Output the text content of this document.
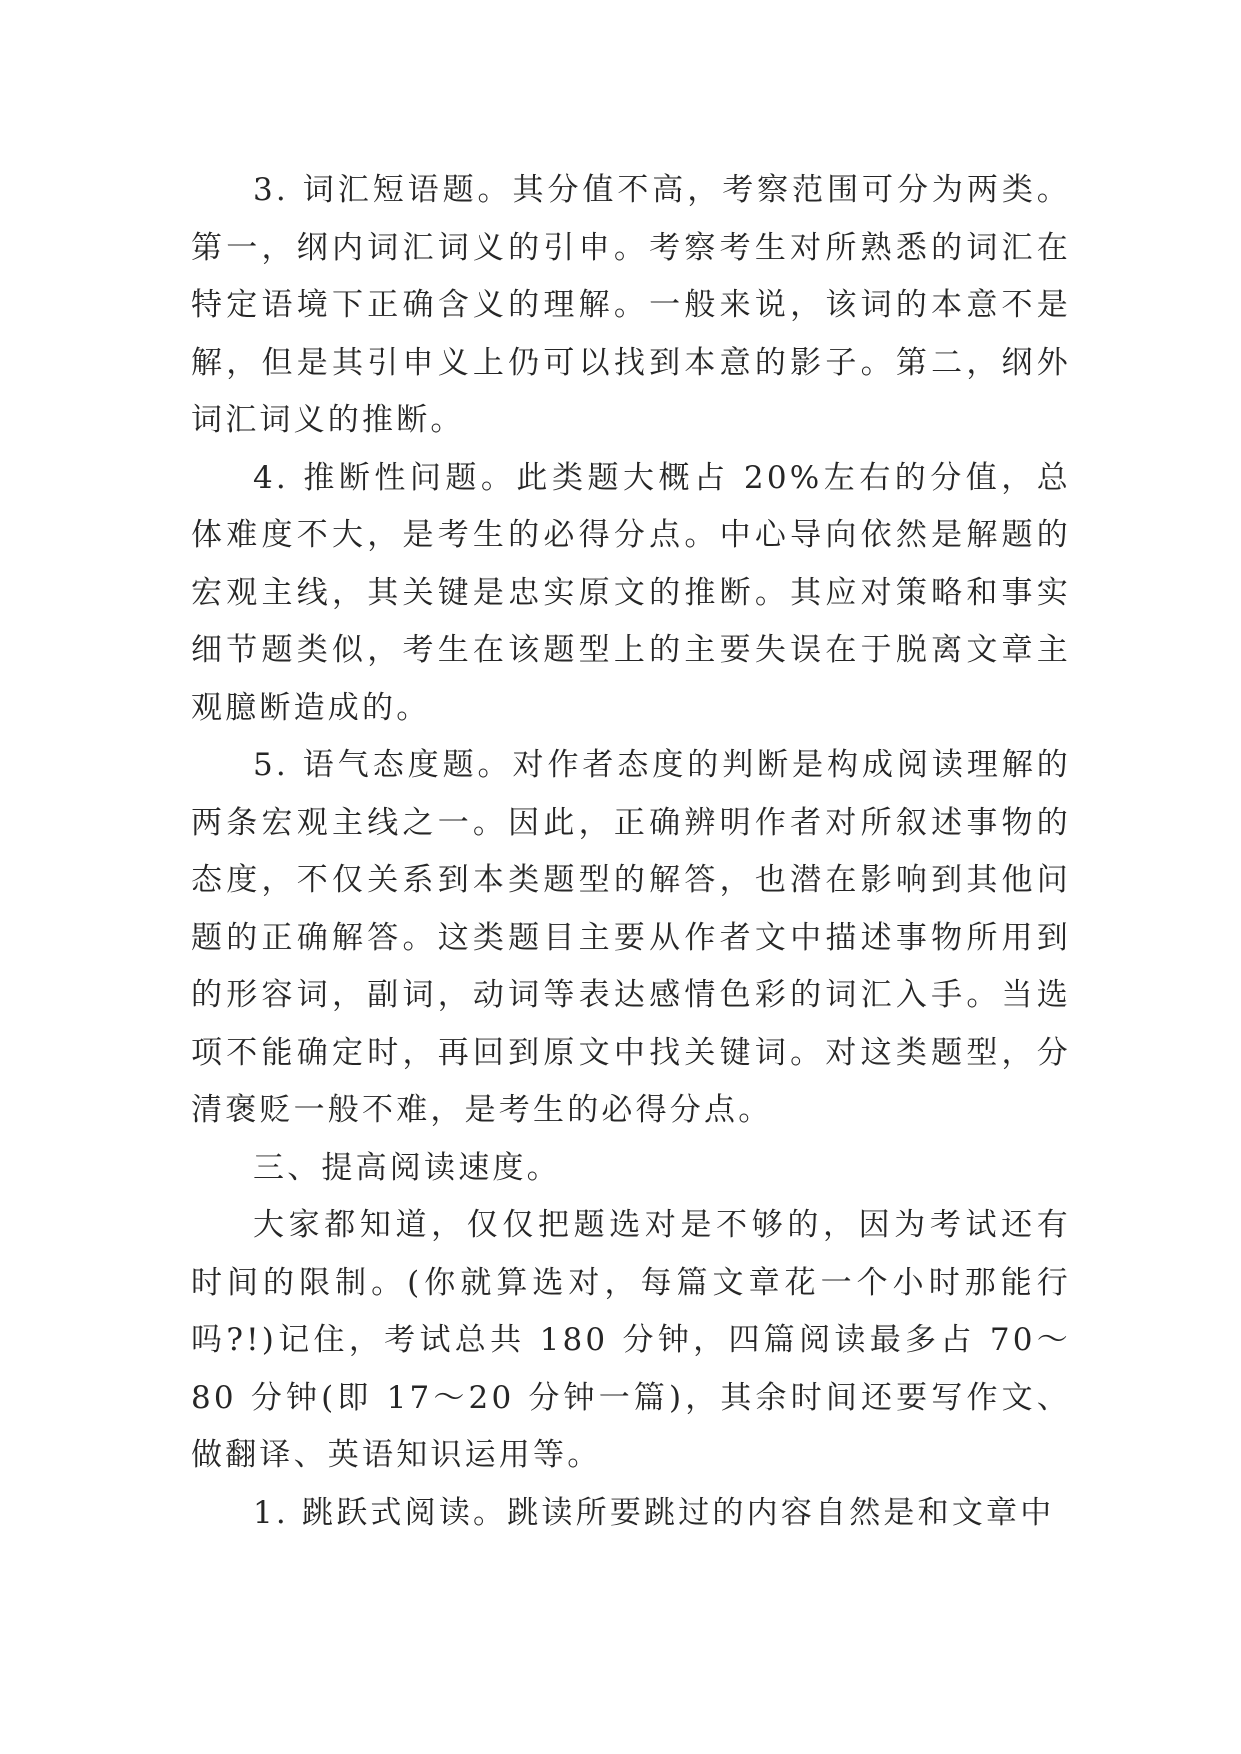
3. 词汇短语题。其分值不高，考察范围可分为两类。第一，纲内词汇词义的引申。考察考生对所熟悉的词汇在特定语境下正确含义的理解。一般来说，该词的本意不是解，但是其引申义上仍可以找到本意的影子。第二，纲外词汇词义的推断。

4. 推断性问题。此类题大概占 20%左右的分值，总体难度不大，是考生的必得分点。中心导向依然是解题的宏观主线，其关键是忠实原文的推断。其应对策略和事实细节题类似，考生在该题型上的主要失误在于脱离文章主观臆断造成的。

5. 语气态度题。对作者态度的判断是构成阅读理解的两条宏观主线之一。因此，正确辨明作者对所叙述事物的态度，不仅关系到本类题型的解答，也潜在影响到其他问题的正确解答。这类题目主要从作者文中描述事物所用到的形容词，副词，动词等表达感情色彩的词汇入手。当选项不能确定时，再回到原文中找关键词。对这类题型，分清褒贬一般不难，是考生的必得分点。

三、提高阅读速度。

大家都知道，仅仅把题选对是不够的，因为考试还有时间的限制。(你就算选对，每篇文章花一个小时那能行吗?!)记住，考试总共 180 分钟，四篇阅读最多占 70～80 分钟(即 17～20 分钟一篇)，其余时间还要写作文、做翻译、英语知识运用等。

1. 跳跃式阅读。跳读所要跳过的内容自然是和文章中
